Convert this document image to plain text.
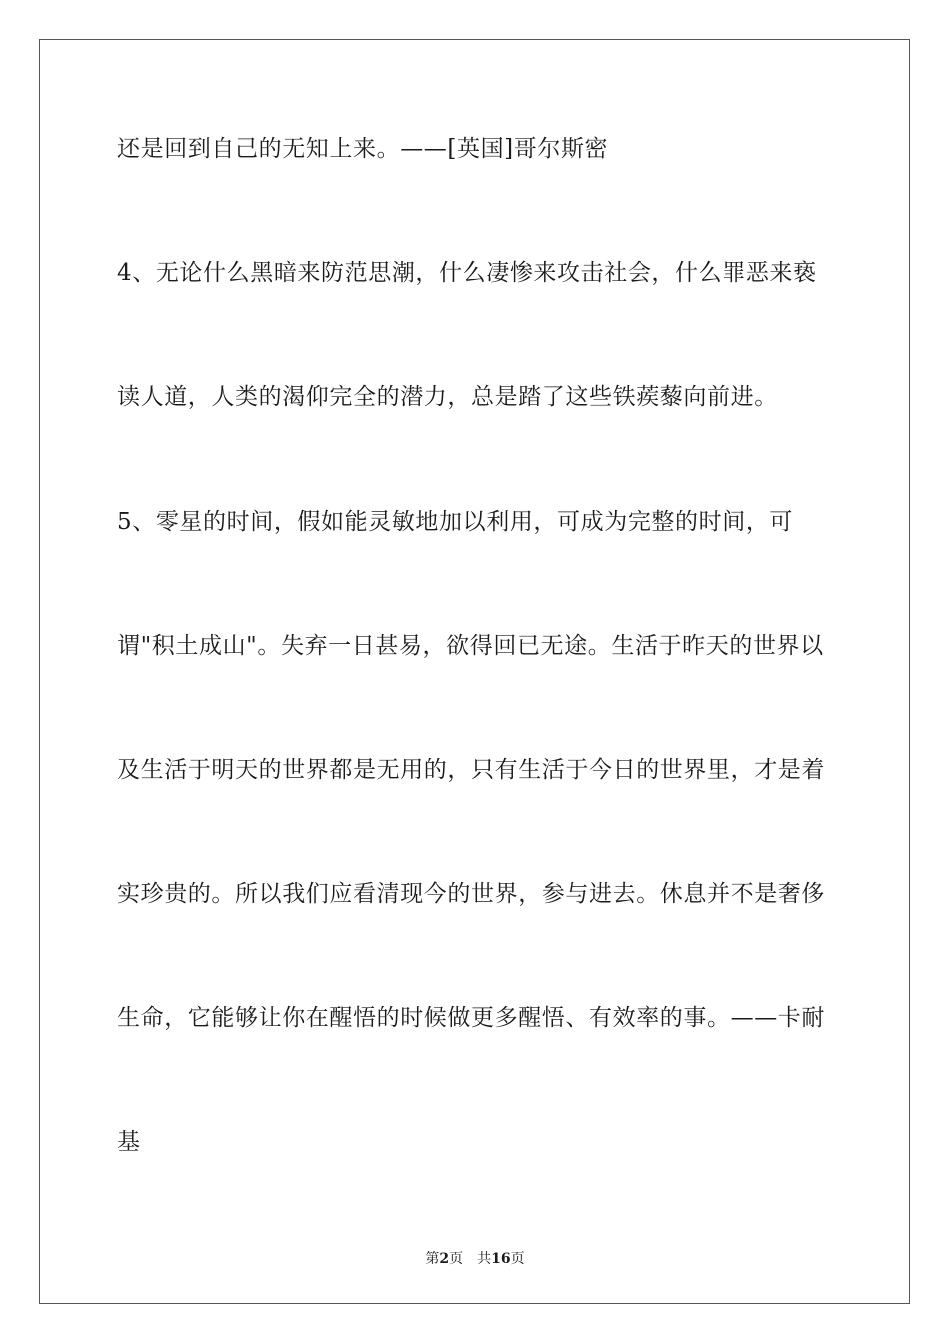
还是回到自己的无知上来。——[英国]哥尔斯密
4、无论什么黑暗来防范思潮，什么凄惨来攻击社会，什么罪恶来亵
读人道，人类的渴仰完全的潜力，总是踏了这些铁蒺藜向前进。
5、零星的时间，假如能灵敏地加以利用，可成为完整的时间，可
谓"积土成山"。失弃一日甚易，欲得回已无途。生活于昨天的世界以
及生活于明天的世界都是无用的，只有生活于今日的世界里，才是着
实珍贵的。所以我们应看清现今的世界，参与进去。休息并不是奢侈
生命，它能够让你在醒悟的时候做更多醒悟、有效率的事。——卡耐
基
第2页 共16页
